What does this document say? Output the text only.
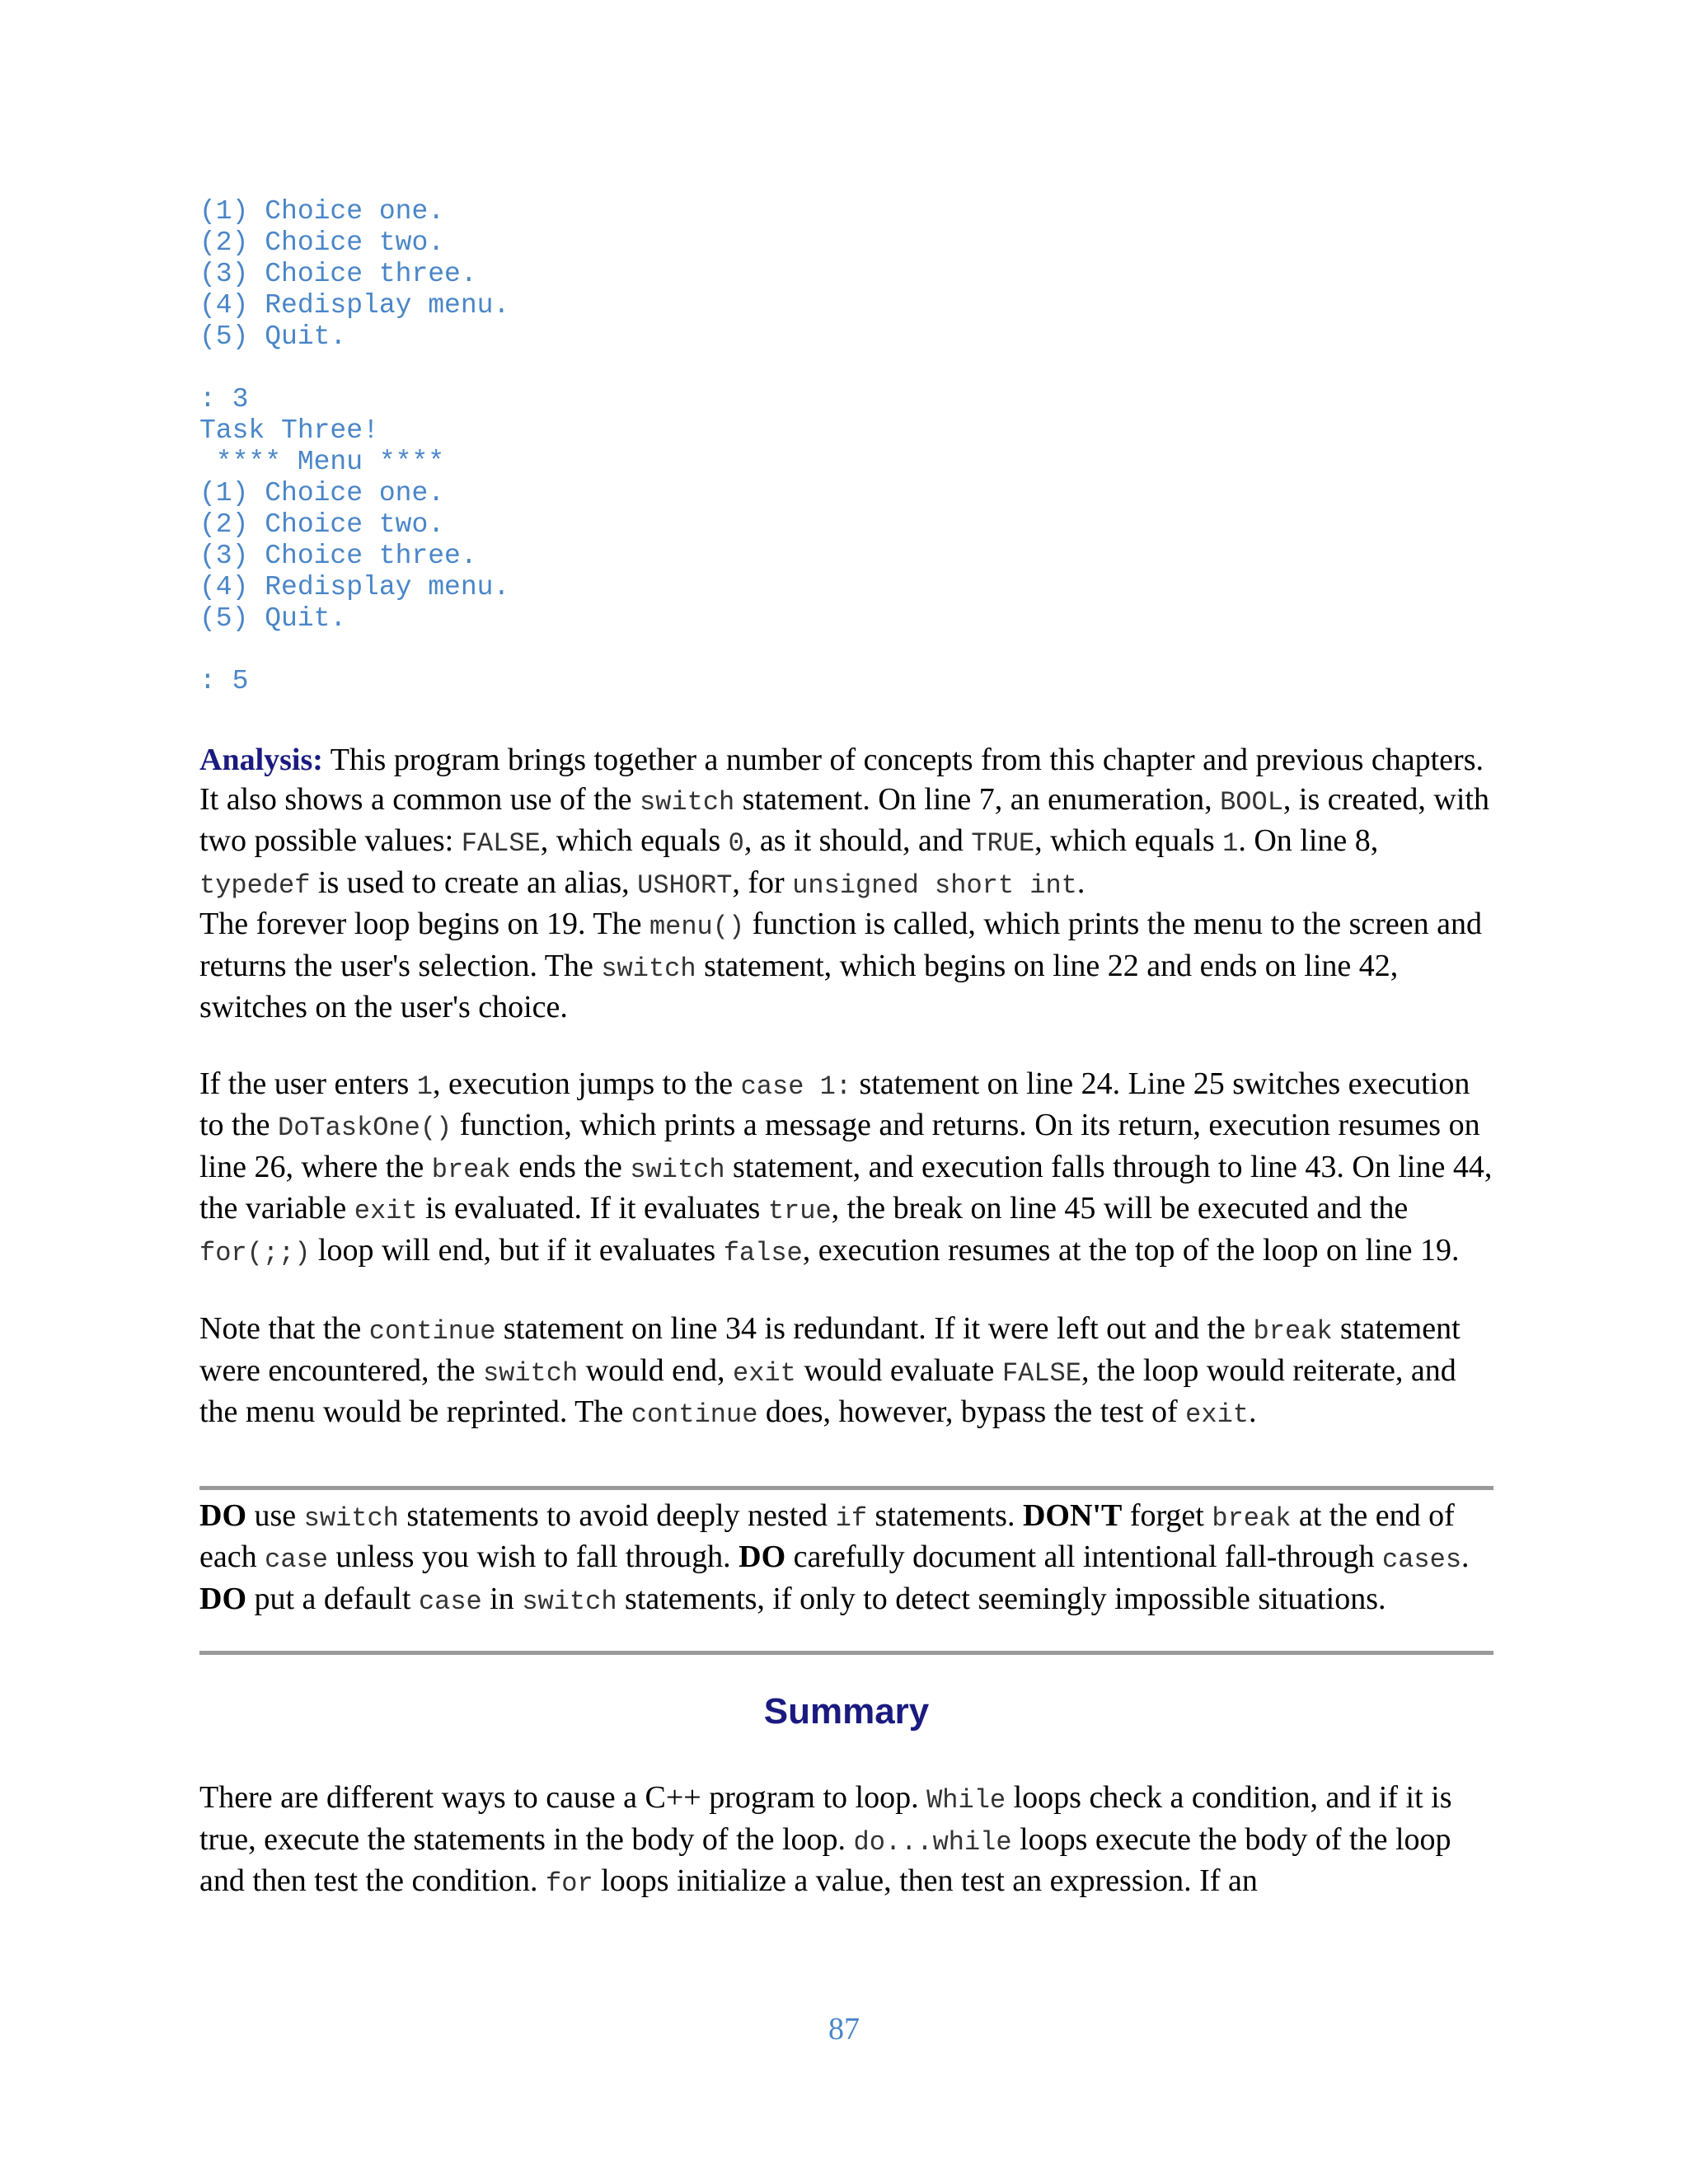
(1) Choice one.
(2) Choice two.
(3) Choice three.
(4) Redisplay menu.
(5) Quit.
: 3
Task Three!
**** Menu ****
(1) Choice one.
(2) Choice two.
(3) Choice three.
(4) Redisplay menu.
(5) Quit.
: 5

Analysis: This program brings together a number of concepts from this chapter and previous chapters. It also shows a common use of the switch statement. On line 7, an enumeration, BOOL, is created, with two possible values: FALSE, which equals 0, as it should, and TRUE, which equals 1. On line 8, typedef is used to create an alias, USHORT, for unsigned short int.
The forever loop begins on 19. The menu() function is called, which prints the menu to the screen and returns the user's selection. The switch statement, which begins on line 22 and ends on line 42, switches on the user's choice.

If the user enters 1, execution jumps to the case 1: statement on line 24. Line 25 switches execution to the DoTaskOne() function, which prints a message and returns. On its return, execution resumes on line 26, where the break ends the switch statement, and execution falls through to line 43. On line 44, the variable exit is evaluated. If it evaluates true, the break on line 45 will be executed and the for(;;) loop will end, but if it evaluates false, execution resumes at the top of the loop on line 19.

Note that the continue statement on line 34 is redundant. If it were left out and the break statement were encountered, the switch would end, exit would evaluate FALSE, the loop would reiterate, and the menu would be reprinted. The continue does, however, bypass the test of exit.

DO use switch statements to avoid deeply nested if statements. DON'T forget break at the end of each case unless you wish to fall through. DO carefully document all intentional fall-through cases. DO put a default case in switch statements, if only to detect seemingly impossible situations.

Summary

There are different ways to cause a C++ program to loop. While loops check a condition, and if it is true, execute the statements in the body of the loop. do...while loops execute the body of the loop and then test the condition. for loops initialize a value, then test an expression. If an

87
